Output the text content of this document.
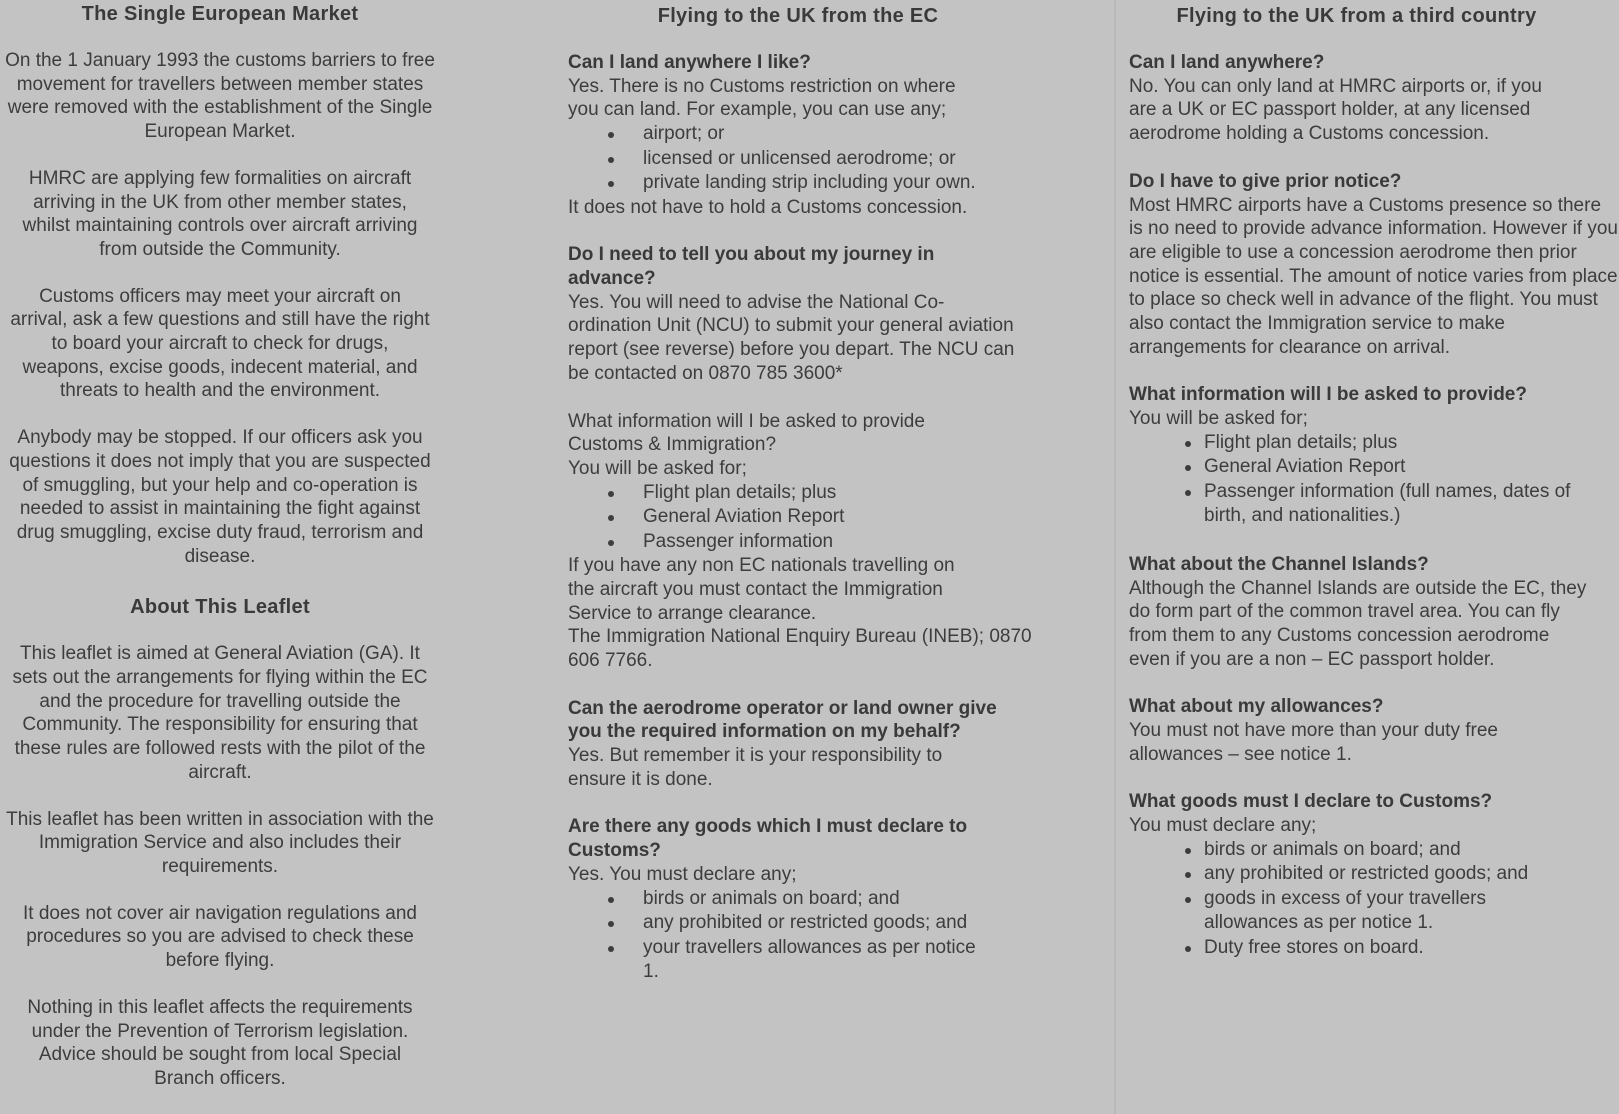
The Single European Market

On the 1 January 1993 the customs barriers to free movement for travellers between member states were removed with the establishment of the Single European Market.

HMRC are applying few formalities on aircraft arriving in the UK from other member states, whilst maintaining controls over aircraft arriving from outside the Community.

Customs officers may meet your aircraft on arrival, ask a few questions and still have the right to board your aircraft to check for drugs, weapons, excise goods, indecent material, and threats to health and the environment.

Anybody may be stopped. If our officers ask you questions it does not imply that you are suspected of smuggling, but your help and co-operation is needed to assist in maintaining the fight against drug smuggling, excise duty fraud, terrorism and disease.

About This Leaflet

This leaflet is aimed at General Aviation (GA). It sets out the arrangements for flying within the EC and the procedure for travelling outside the Community. The responsibility for ensuring that these rules are followed rests with the pilot of the aircraft.

This leaflet has been written in association with the Immigration Service and also includes their requirements.

It does not cover air navigation regulations and procedures so you are advised to check these before flying.

Nothing in this leaflet affects the requirements under the Prevention of Terrorism legislation. Advice should be sought from local Special Branch officers.

Flying to the UK from the EC

Can I land anywhere I like?

Yes. There is no Customs restriction on where you can land. For example, you can use any;

airport; or
licensed or unlicensed aerodrome; or
private landing strip including your own.

It does not have to hold a Customs concession.

Do I need to tell you about my journey in advance?

Yes. You will need to advise the National Co-ordination Unit (NCU) to submit your general aviation report (see reverse) before you depart. The NCU can be contacted on 0870 785 3600*

What information will I be asked to provide Customs & Immigration?

You will be asked for;

Flight plan details; plus
General Aviation Report
Passenger information

If you have any non EC nationals travelling on the aircraft you must contact the Immigration Service to arrange clearance.

The Immigration National Enquiry Bureau (INEB); 0870 606 7766.

Can the aerodrome operator or land owner give you the required information on my behalf?

Yes. But remember it is your responsibility to ensure it is done.

Are there any goods which I must declare to Customs?

Yes. You must declare any;

birds or animals on board; and
any prohibited or restricted goods; and
your travellers allowances as per notice 1.
Flying to the UK from a third country

Can I land anywhere?

No. You can only land at HMRC airports or, if you are a UK or EC passport holder, at any licensed aerodrome holding a Customs concession.

Do I have to give prior notice?

Most HMRC airports have a Customs presence so there is no need to provide advance information. However if you are eligible to use a concession aerodrome then prior notice is essential. The amount of notice varies from place to place so check well in advance of the flight. You must also contact the Immigration service to make arrangements for clearance on arrival.

What information will I be asked to provide?

You will be asked for;

Flight plan details; plus
General Aviation Report
Passenger information (full names, dates of birth, and nationalities.)

What about the Channel Islands?

Although the Channel Islands are outside the EC, they do form part of the common travel area. You can fly from them to any Customs concession aerodrome even if you are a non – EC passport holder.

What about my allowances?

You must not have more than your duty free allowances – see notice 1.

What goods must I declare to Customs?

You must declare any;

birds or animals on board; and
any prohibited or restricted goods; and
goods in excess of your travellers allowances as per notice 1.
Duty free stores on board.
